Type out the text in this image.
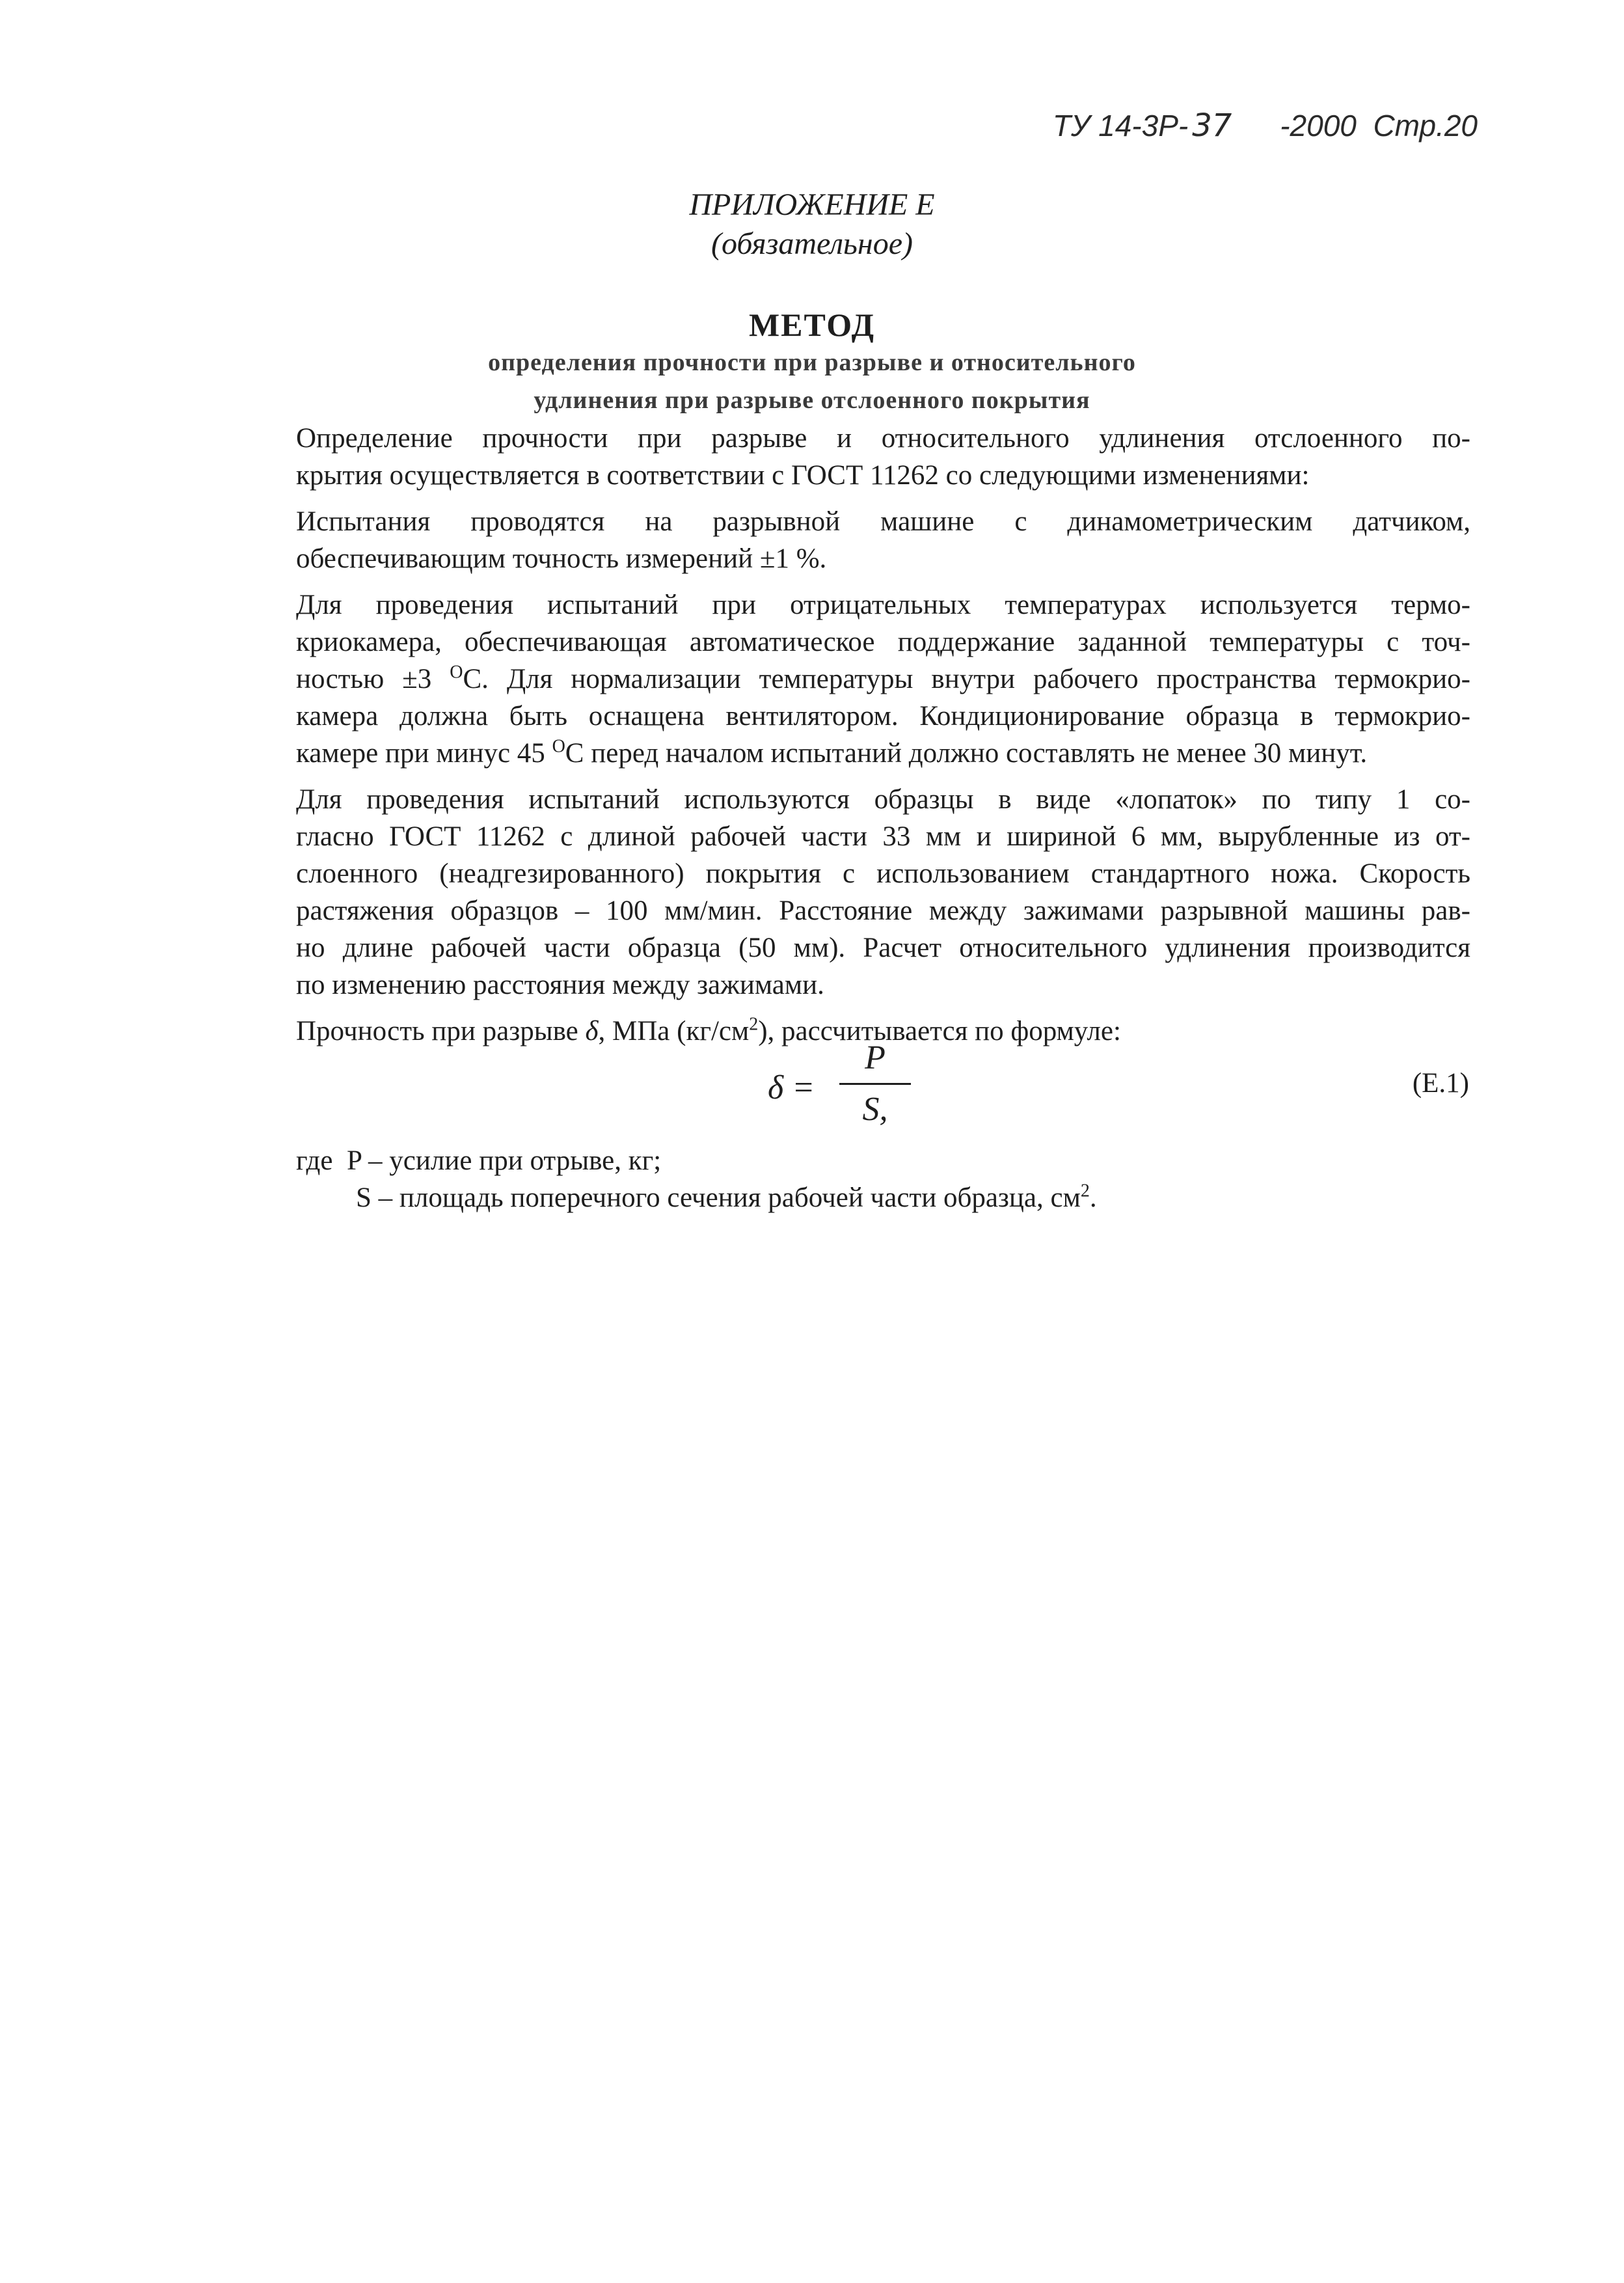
ТУ 14-3Р- 37 -2000 Стр.20
ПРИЛОЖЕНИЕ Е
(обязательное)
МЕТОД
определения прочности при разрыве и относительного
удлинения при разрыве отслоенного покрытия

Определение прочности при разрыве и относительного удлинения отслоенного по-
крытия осуществляется в соответствии с ГОСТ 11262 со следующими изменениями:

Испытания проводятся на разрывной машине с динамометрическим датчиком,
обеспечивающим точность измерений ±1 %.

Для проведения испытаний при отрицательных температурах используется термо-
криокамера, обеспечивающая автоматическое поддержание заданной температуры с точ-
ностью ±3 $^O$С. Для нормализации температуры внутри рабочего пространства термокрио-
камера должна быть оснащена вентилятором. Кондиционирование образца в термокрио-
камере при минус 45 $^O$С перед началом испытаний должно составлять не менее 30 минут.

Для проведения испытаний используются образцы в виде «лопаток» по типу 1 со-
гласно ГОСТ 11262 с длиной рабочей части 33 мм и шириной 6 мм, вырубленные из от-
слоенного (неадгезированного) покрытия с использованием стандартного ножа. Скорость
растяжения образцов – 100 мм/мин. Расстояние между зажимами разрывной машины рав-
но длине рабочей части образца (50 мм). Расчет относительного удлинения производится
по изменению расстояния между зажимами.

Прочность при разрыве δ, МПа $(кг/см^2)$, рассчитывается по формуле:

δ =
P
S,
(Е.1)
где P – усилие при отрыве, кг;
S – площадь поперечного сечения рабочей части образца, $см^2$.
